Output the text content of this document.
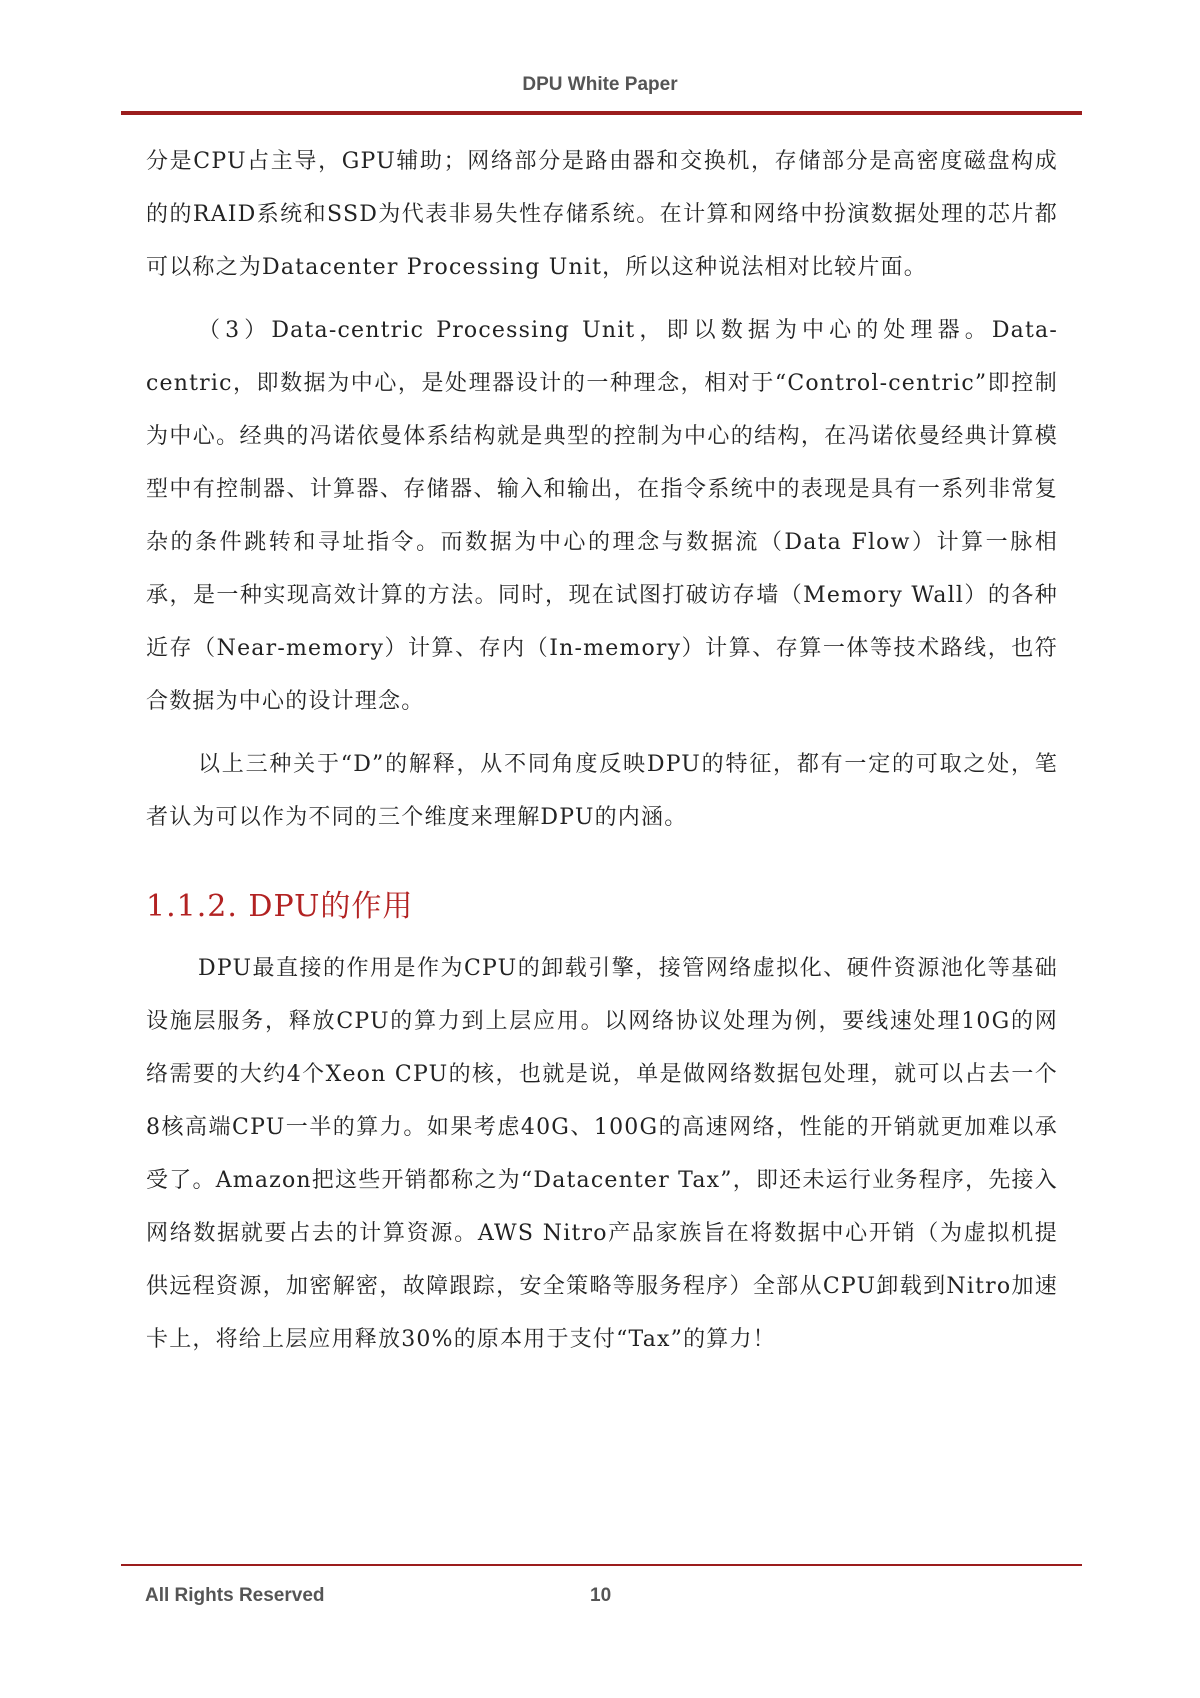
DPU White Paper

分是CPU占主导，GPU辅助；网络部分是路由器和交换机，存储部分是高密度磁盘构成的的RAID系统和SSD为代表非易失性存储系统。在计算和网络中扮演数据处理的芯片都可以称之为Datacenter Processing Unit，所以这种说法相对比较片面。

（3）Data-centric Processing Unit，即以数据为中心的处理器。Data-centric，即数据为中心，是处理器设计的一种理念，相对于“Control-centric”即控制为中心。经典的冯诺依曼体系结构就是典型的控制为中心的结构，在冯诺依曼经典计算模型中有控制器、计算器、存储器、输入和输出，在指令系统中的表现是具有一系列非常复杂的条件跳转和寻址指令。而数据为中心的理念与数据流（Data Flow）计算一脉相承，是一种实现高效计算的方法。同时，现在试图打破访存墙（Memory Wall）的各种近存（Near-memory）计算、存内（In-memory）计算、存算一体等技术路线，也符合数据为中心的设计理念。

以上三种关于“D”的解释，从不同角度反映DPU的特征，都有一定的可取之处，笔者认为可以作为不同的三个维度来理解DPU的内涵。

1.1.2. DPU的作用

DPU最直接的作用是作为CPU的卸载引擎，接管网络虚拟化、硬件资源池化等基础设施层服务，释放CPU的算力到上层应用。以网络协议处理为例，要线速处理10G的网络需要的大约4个Xeon CPU的核，也就是说，单是做网络数据包处理，就可以占去一个8核高端CPU一半的算力。如果考虑40G、100G的高速网络，性能的开销就更加难以承受了。Amazon把这些开销都称之为“Datacenter Tax”，即还未运行业务程序，先接入网络数据就要占去的计算资源。AWS Nitro产品家族旨在将数据中心开销（为虚拟机提供远程资源，加密解密，故障跟踪，安全策略等服务程序）全部从CPU卸载到Nitro加速卡上，将给上层应用释放30%的原本用于支付“Tax”的算力！

All Rights Reserved	10
